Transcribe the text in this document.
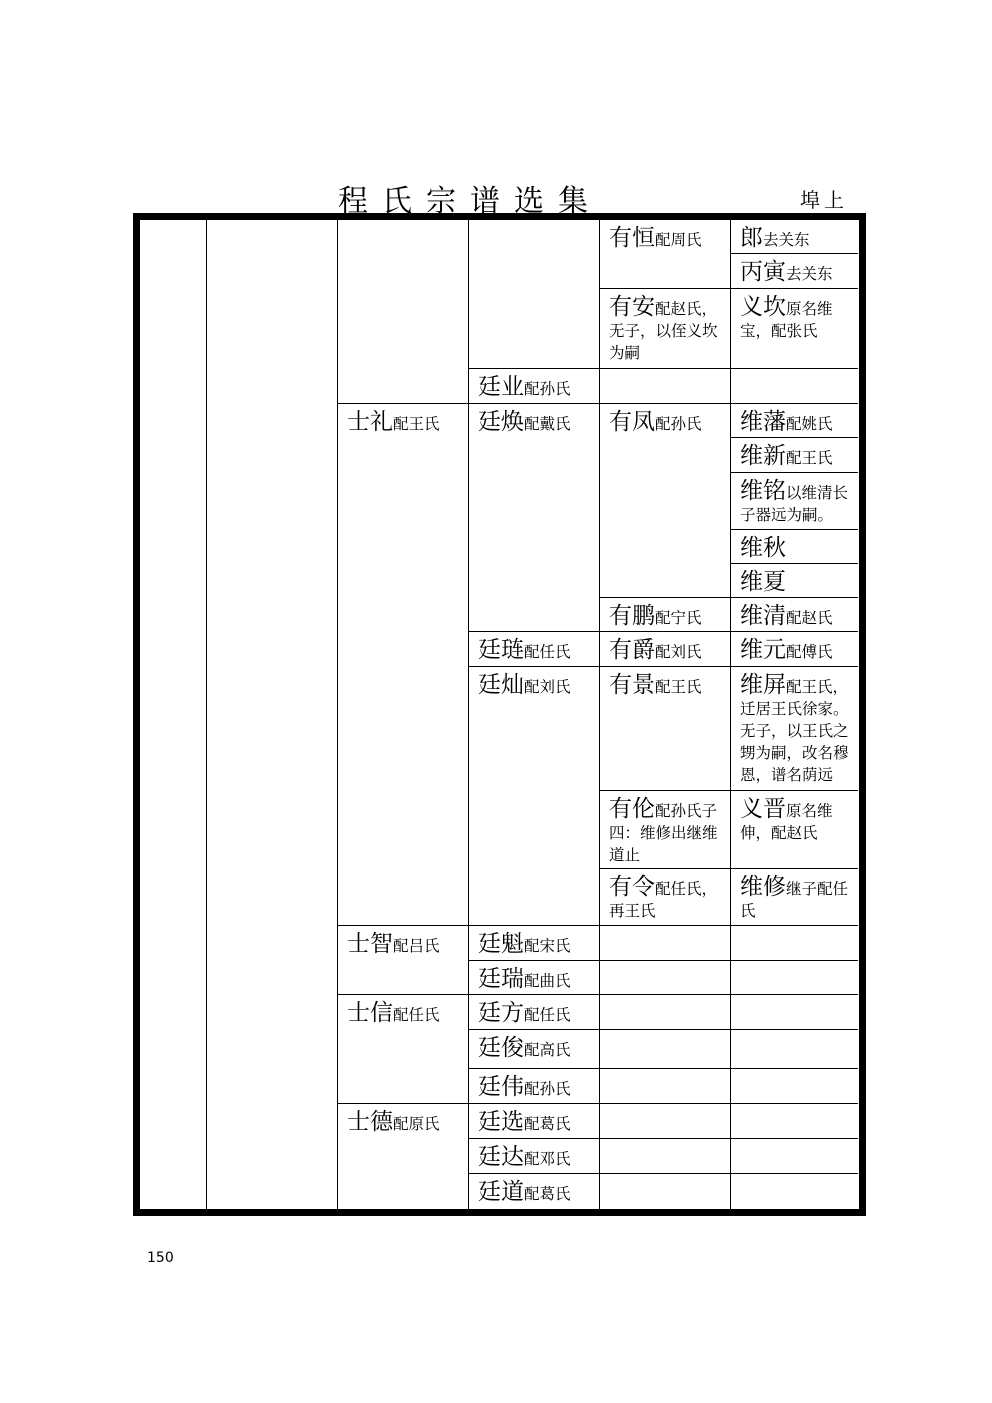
程氏宗谱选集	埠上
士礼配王氏
士智配吕氏
士信配任氏
士德配原氏
廷业配孙氏
廷焕配戴氏
廷琏配任氏
廷灿配刘氏
廷魁配宋氏
廷瑞配曲氏
廷方配任氏
廷俊配高氏
廷伟配孙氏
廷选配葛氏
廷达配邓氏
廷道配葛氏
有恒配周氏
有安配赵氏，无子，以侄义坎为嗣
有凤配孙氏
有鹏配宁氏
有爵配刘氏
有景配王氏
有伦配孙氏子四：维修出继维道止
有令配任氏，再王氏
郎去关东
丙寅去关东
义坎原名维宝，配张氏
维藩配姚氏
维新配王氏
维铭以维清长子器远为嗣。
维秋
维夏
维清配赵氏
维元配傅氏
维屏配王氏，迁居王氏徐家。无子，以王氏之甥为嗣，改名穆恩，谱名荫远
义晋原名维伸，配赵氏
维修继子配任氏
150
